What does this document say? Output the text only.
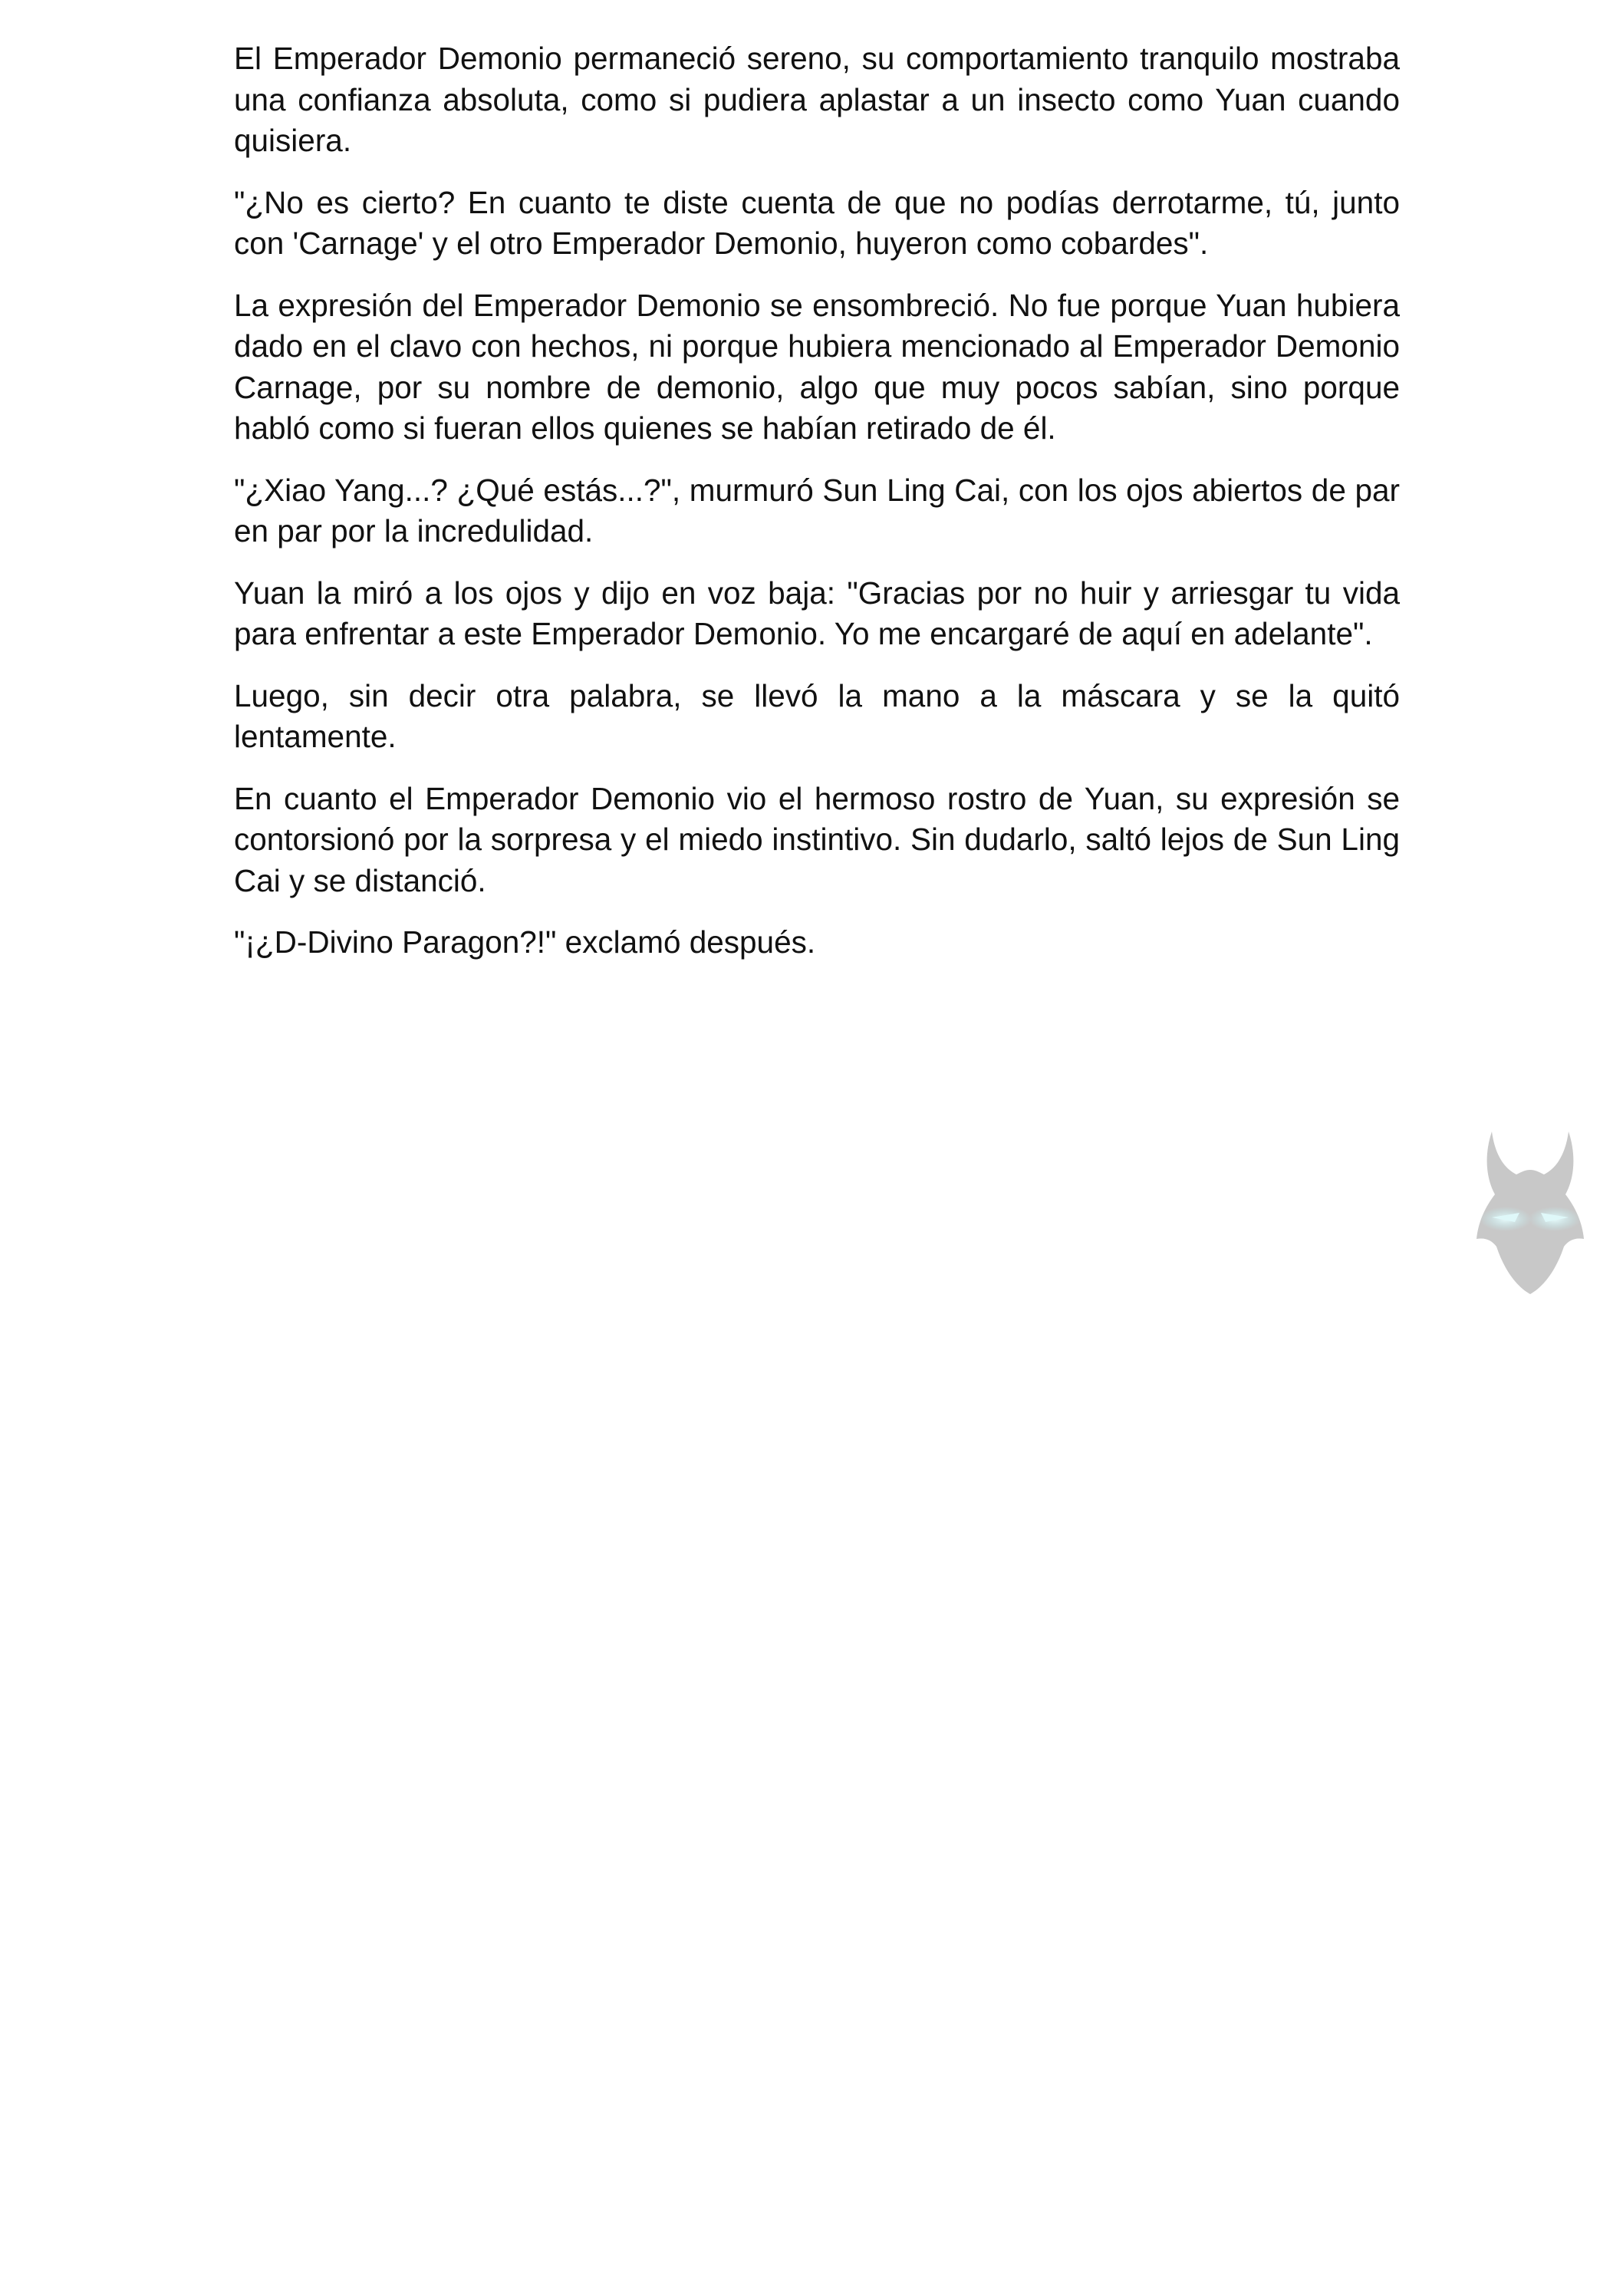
El Emperador Demonio permaneció sereno, su comportamiento tranquilo mostraba una confianza absoluta, como si pudiera aplastar a un insecto como Yuan cuando quisiera.

"¿No es cierto? En cuanto te diste cuenta de que no podías derrotarme, tú, junto con 'Carnage' y el otro Emperador Demonio, huyeron como cobardes".

La expresión del Emperador Demonio se ensombreció. No fue porque Yuan hubiera dado en el clavo con hechos, ni porque hubiera mencionado al Emperador Demonio Carnage, por su nombre de demonio, algo que muy pocos sabían, sino porque habló como si fueran ellos quienes se habían retirado de él.

"¿Xiao Yang...? ¿Qué estás...?", murmuró Sun Ling Cai, con los ojos abiertos de par en par por la incredulidad.

Yuan la miró a los ojos y dijo en voz baja: "Gracias por no huir y arriesgar tu vida para enfrentar a este Emperador Demonio. Yo me encargaré de aquí en adelante".

Luego, sin decir otra palabra, se llevó la mano a la máscara y se la quitó lentamente.

En cuanto el Emperador Demonio vio el hermoso rostro de Yuan, su expresión se contorsionó por la sorpresa y el miedo instintivo. Sin dudarlo, saltó lejos de Sun Ling Cai y se distanció.

"¡¿D-Divino Paragon?!" exclamó después.
